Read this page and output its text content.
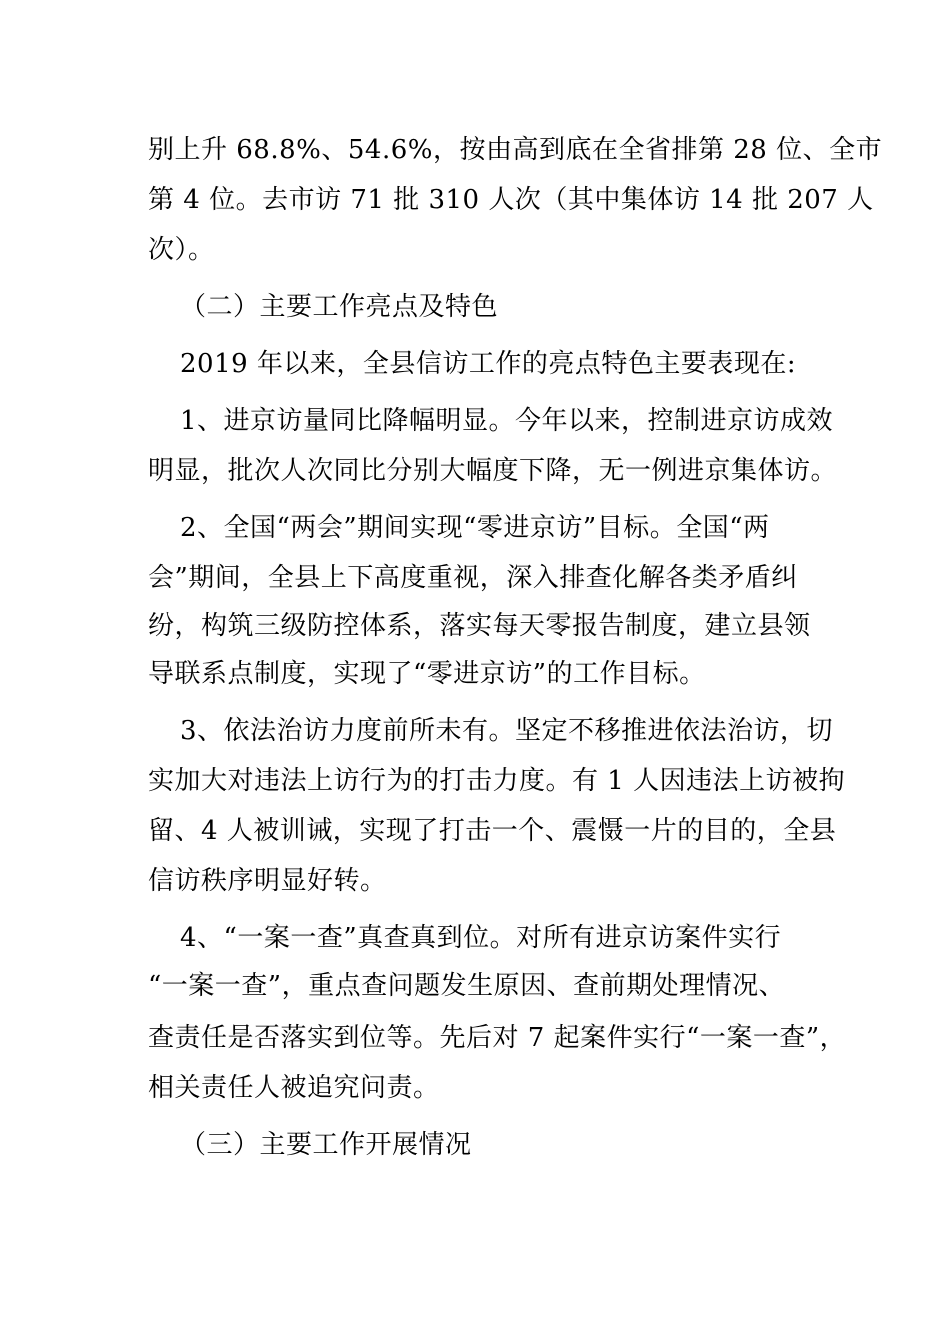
别上升 68.8%、54.6%，按由高到底在全省排第 28 位、全市
第 4 位。去市访 71 批 310 人次（其中集体访 14 批 207 人
次）。
（二）主要工作亮点及特色
2019 年以来，全县信访工作的亮点特色主要表现在:
1、进京访量同比降幅明显。今年以来，控制进京访成效
明显，批次人次同比分别大幅度下降，无一例进京集体访。
2、全国“两会”期间实现“零进京访”目标。全国“两
会”期间，全县上下高度重视，深入排查化解各类矛盾纠
纷，构筑三级防控体系，落实每天零报告制度，建立县领
导联系点制度，实现了“零进京访”的工作目标。
3、依法治访力度前所未有。坚定不移推进依法治访，切
实加大对违法上访行为的打击力度。有 1 人因违法上访被拘
留、4 人被训诫，实现了打击一个、震慑一片的目的，全县
信访秩序明显好转。
4、“一案一查”真查真到位。对所有进京访案件实行
“一案一查”，重点查问题发生原因、查前期处理情况、
查责任是否落实到位等。先后对 7 起案件实行“一案一查”，
相关责任人被追究问责。
（三）主要工作开展情况
